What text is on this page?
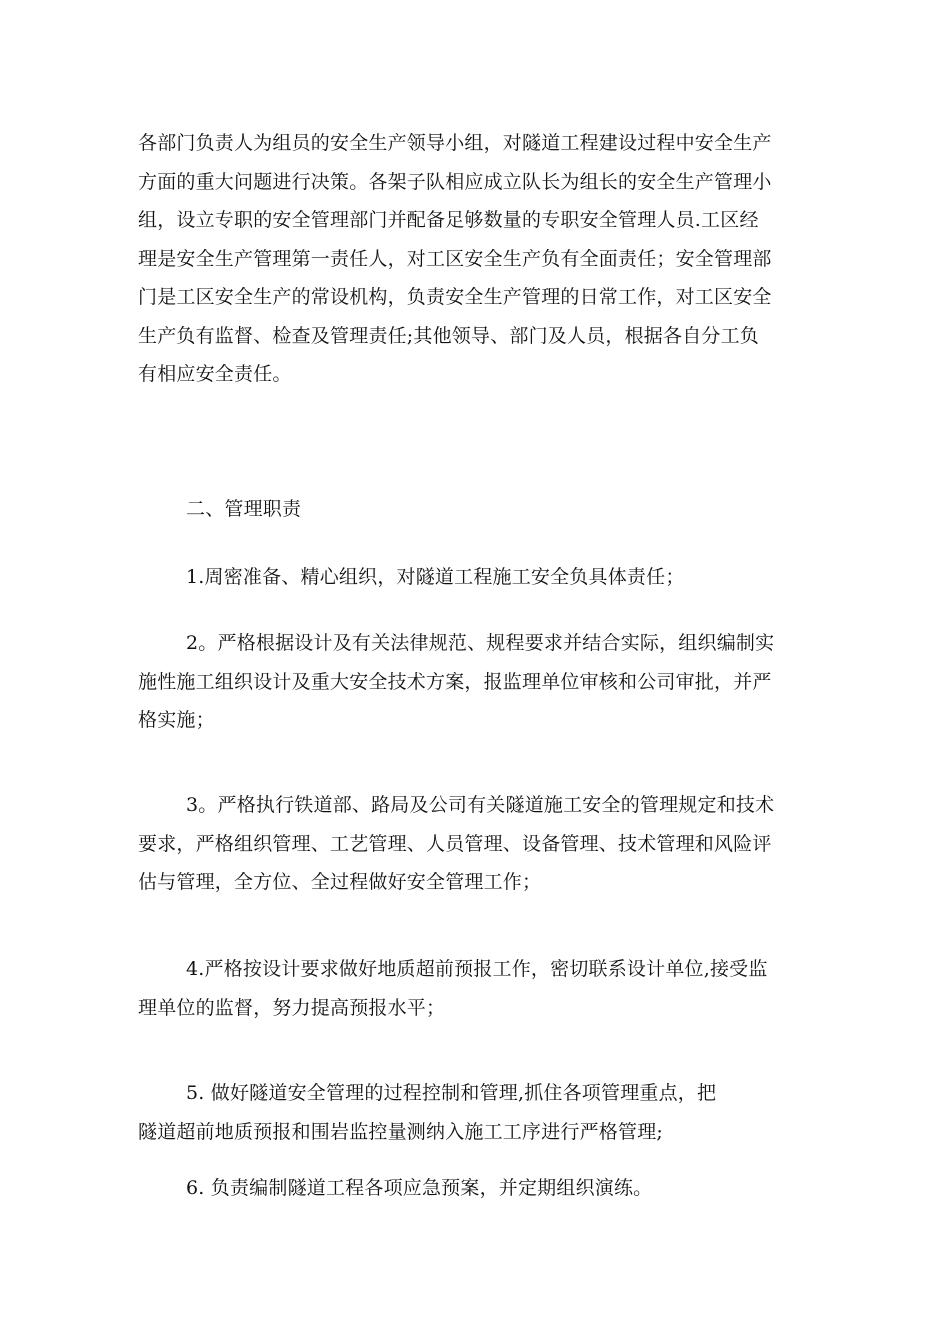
各部门负责人为组员的安全生产领导小组，对隧道工程建设过程中安全生产
方面的重大问题进行决策。各架子队相应成立队长为组长的安全生产管理小
组，设立专职的安全管理部门并配备足够数量的专职安全管理人员.工区经
理是安全生产管理第一责任人，对工区安全生产负有全面责任；安全管理部
门是工区安全生产的常设机构，负责安全生产管理的日常工作，对工区安全
生产负有监督、检查及管理责任;其他领导、部门及人员，根据各自分工负
有相应安全责任。
二、管理职责
1.周密准备、精心组织，对隧道工程施工安全负具体责任；
2。严格根据设计及有关法律规范、规程要求并结合实际，组织编制实
施性施工组织设计及重大安全技术方案，报监理单位审核和公司审批，并严
格实施；
3。严格执行铁道部、路局及公司有关隧道施工安全的管理规定和技术
要求，严格组织管理、工艺管理、人员管理、设备管理、技术管理和风险评
估与管理，全方位、全过程做好安全管理工作；
4.严格按设计要求做好地质超前预报工作，密切联系设计单位,接受监
理单位的监督，努力提高预报水平；
5. 做好隧道安全管理的过程控制和管理,抓住各项管理重点，把
隧道超前地质预报和围岩监控量测纳入施工工序进行严格管理;
6. 负责编制隧道工程各项应急预案，并定期组织演练。
